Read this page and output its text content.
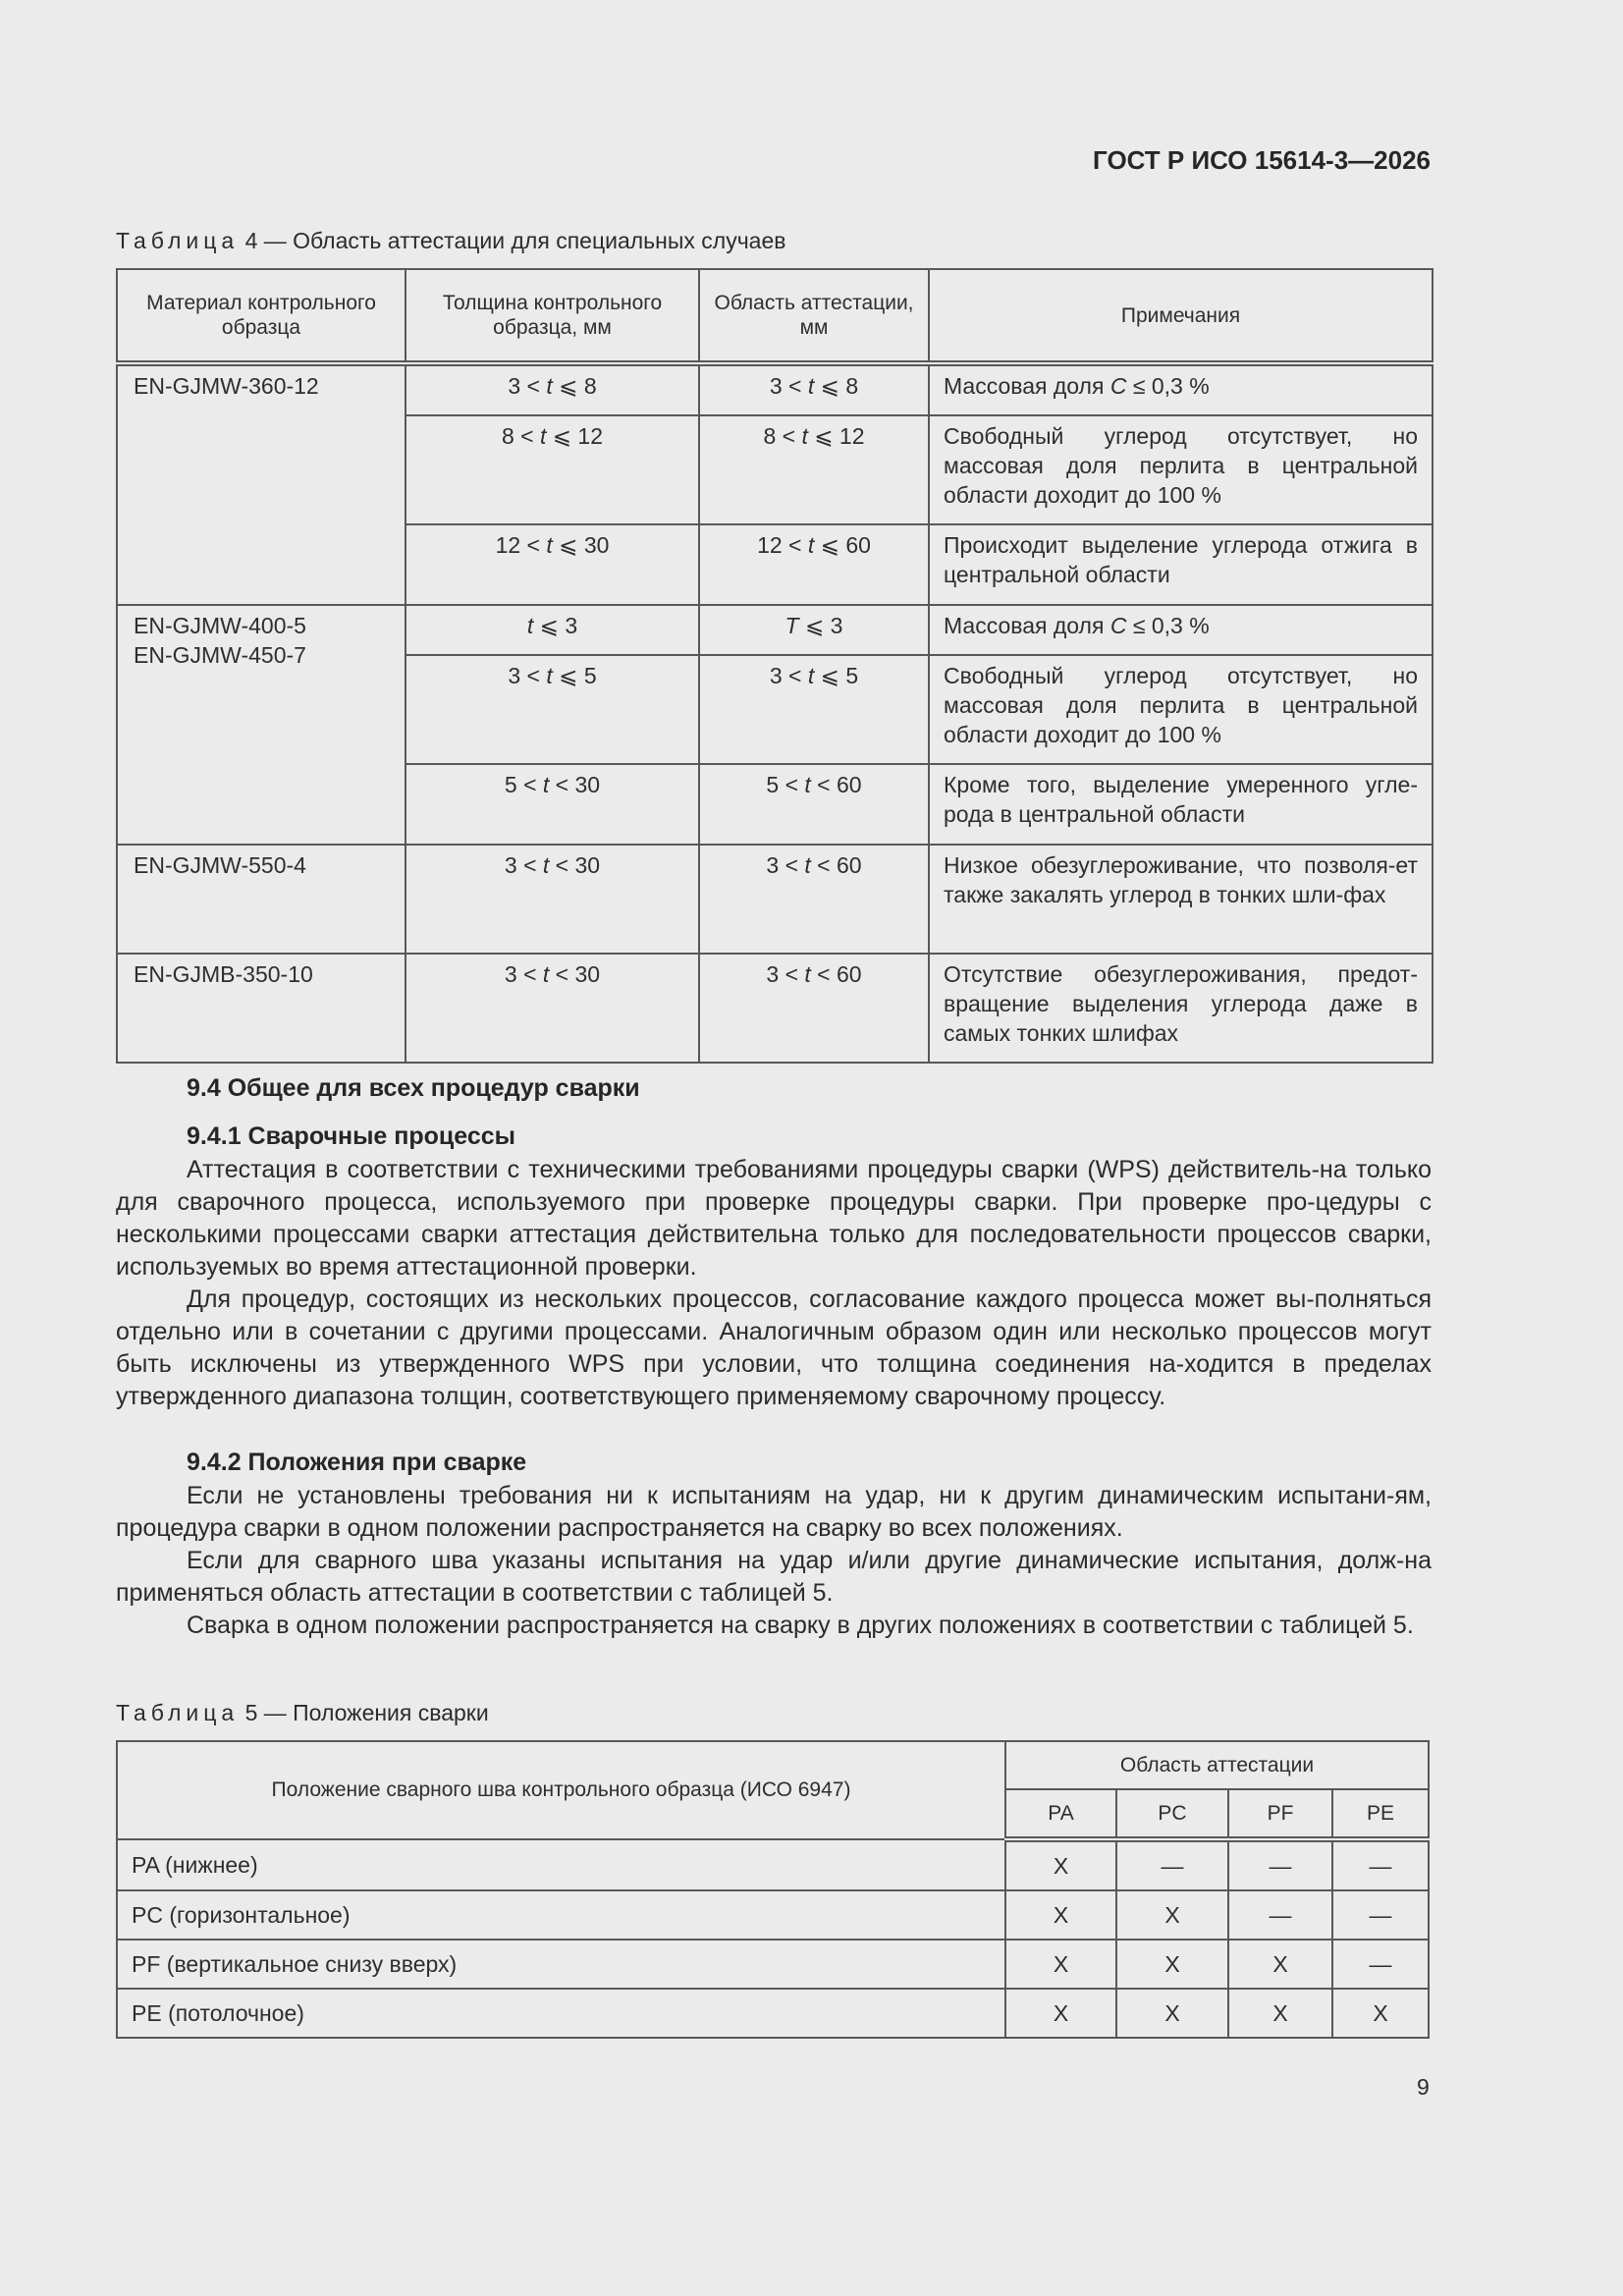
ГОСТ Р ИСО 15614-3—2026
Таблица 4 — Область аттестации для специальных случаев
Материал контрольного образца	Толщина контрольного образца, мм	Область аттестации, мм	Примечания

EN-GJMW-360-12	3 < t ⩽ 8	3 < t ⩽ 8	Массовая доля C ≤ 0,3 %
	8 < t ⩽ 12	8 < t ⩽ 12	Свободный углерод отсутствует, но массовая доля перлита в центральной области доходит до 100 %
	12 < t ⩽ 30	12 < t ⩽ 60	Происходит выделение углерода отжига в центральной области

EN-GJMW-400-5
EN-GJMW-450-7	t ⩽ 3	T ⩽ 3	Массовая доля C ≤ 0,3 %
	3 < t ⩽ 5	3 < t ⩽ 5	Свободный углерод отсутствует, но массовая доля перлита в центральной области доходит до 100 %
	5 < t < 30	5 < t < 60	Кроме того, выделение умеренного угле-рода в центральной области

EN-GJMW-550-4	3 < t < 30	3 < t < 60	Низкое обезуглероживание, что позволя-ет также закалять углерод в тонких шли-фах

EN-GJMB-350-10	3 < t < 30	3 < t < 60	Отсутствие обезуглероживания, предот-вращение выделения углерода даже в самых тонких шлифах
9.4 Общее для всех процедур сварки
9.4.1 Сварочные процессы

Аттестация в соответствии с техническими требованиями процедуры сварки (WPS) действитель-на только для сварочного процесса, используемого при проверке процедуры сварки. При проверке про-цедуры с несколькими процессами сварки аттестация действительна только для последовательности процессов сварки, используемых во время аттестационной проверки.

Для процедур, состоящих из нескольких процессов, согласование каждого процесса может вы-полняться отдельно или в сочетании с другими процессами. Аналогичным образом один или несколько процессов могут быть исключены из утвержденного WPS при условии, что толщина соединения на-ходится в пределах утвержденного диапазона толщин, соответствующего применяемому сварочному процессу.

9.4.2 Положения при сварке

Если не установлены требования ни к испытаниям на удар, ни к другим динамическим испытани-ям, процедура сварки в одном положении распространяется на сварку во всех положениях.

Если для сварного шва указаны испытания на удар и/или другие динамические испытания, долж-на применяться область аттестации в соответствии с таблицей 5.

Сварка в одном положении распространяется на сварку в других положениях в соответствии с таблицей 5.

Таблица 5 — Положения сварки
Положение сварного шва контрольного образца (ИСО 6947)	Область аттестации			
	PA	PC	PF	PE
PA (нижнее)	X	—	—	—
PC (горизонтальное)	X	X	—	—
PF (вертикальное снизу вверх)	X	X	X	—
PE (потолочное)	X	X	X	X
9
